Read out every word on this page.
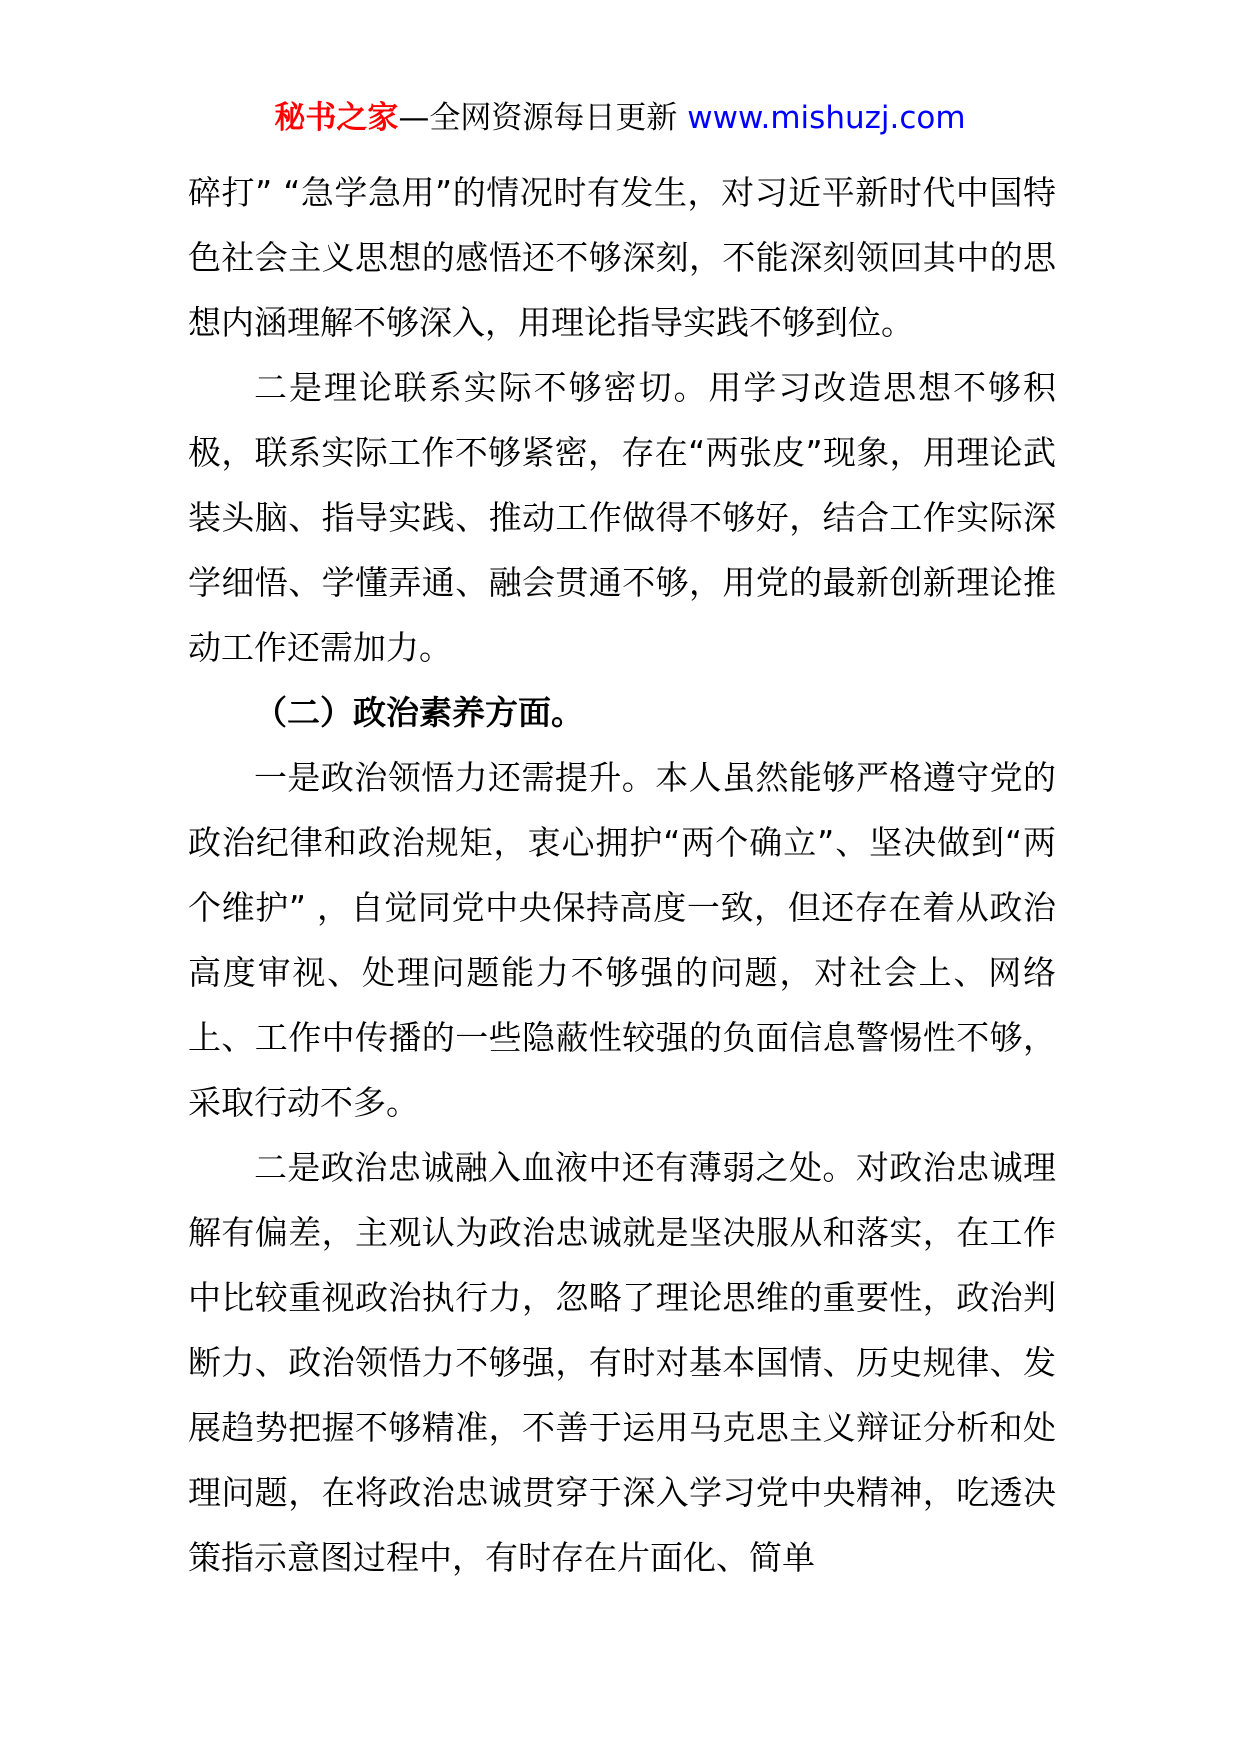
秘书之家—全网资源每日更新 www.mishuzj.com

碎打” “急学急用”的情况时有发生，对习近平新时代中国特色社会主义思想的感悟还不够深刻，不能深刻领回其中的思想内涵理解不够深入，用理论指导实践不够到位。

二是理论联系实际不够密切。用学习改造思想不够积极，联系实际工作不够紧密，存在“两张皮”现象，用理论武装头脑、指导实践、推动工作做得不够好，结合工作实际深学细悟、学懂弄通、融会贯通不够，用党的最新创新理论推动工作还需加力。

（二）政治素养方面。

一是政治领悟力还需提升。本人虽然能够严格遵守党的政治纪律和政治规矩，衷心拥护“两个确立”、坚决做到“两个维护” ，自觉同党中央保持高度一致，但还存在着从政治高度审视、处理问题能力不够强的问题，对社会上、网络上、工作中传播的一些隐蔽性较强的负面信息警惕性不够，采取行动不多。

二是政治忠诚融入血液中还有薄弱之处。对政治忠诚理解有偏差，主观认为政治忠诚就是坚决服从和落实，在工作中比较重视政治执行力，忽略了理论思维的重要性，政治判断力、政治领悟力不够强，有时对基本国情、历史规律、发展趋势把握不够精准，不善于运用马克思主义辩证分析和处理问题，在将政治忠诚贯穿于深入学习党中央精神，吃透决策指示意图过程中，有时存在片面化、简单
